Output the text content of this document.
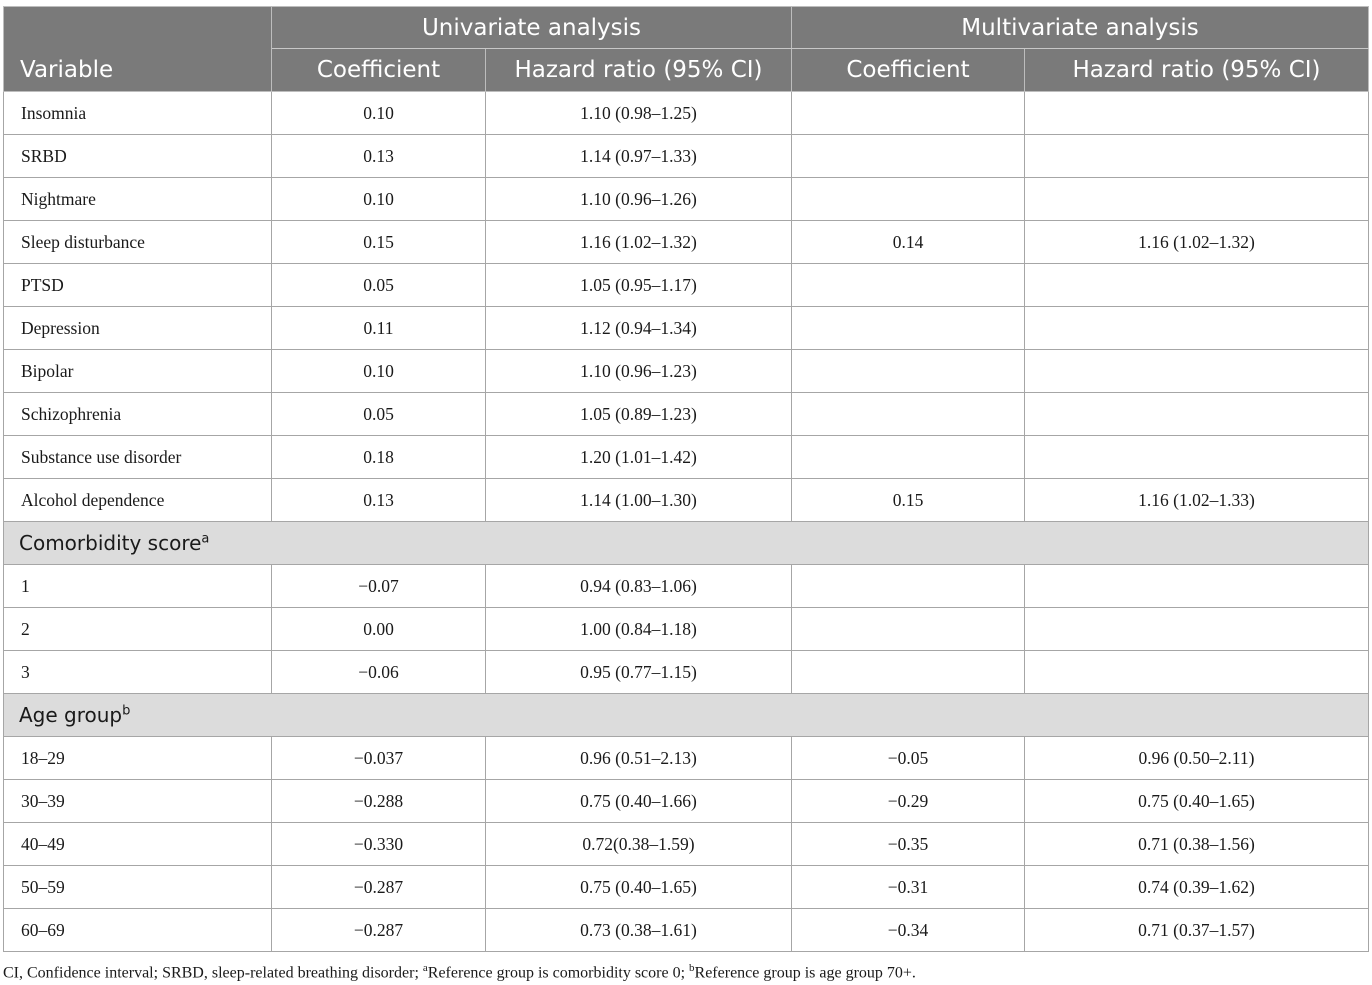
Variable	Univariate analysis		Multivariate analysis	
	Coefficient	Hazard ratio (95% CI)	Coefficient	Hazard ratio (95% CI)
Insomnia	0.10	1.10 (0.98–1.25)		
SRBD	0.13	1.14 (0.97–1.33)		
Nightmare	0.10	1.10 (0.96–1.26)		
Sleep disturbance	0.15	1.16 (1.02–1.32)	0.14	1.16 (1.02–1.32)
PTSD	0.05	1.05 (0.95–1.17)		
Depression	0.11	1.12 (0.94–1.34)		
Bipolar	0.10	1.10 (0.96–1.23)		
Schizophrenia	0.05	1.05 (0.89–1.23)		
Substance use disorder	0.18	1.20 (1.01–1.42)		
Alcohol dependence	0.13	1.14 (1.00–1.30)	0.15	1.16 (1.02–1.33)
Comorbidity score$^a$
1	−0.07	0.94 (0.83–1.06)		
2	0.00	1.00 (0.84–1.18)		
3	−0.06	0.95 (0.77–1.15)		
Age group$^b$
18–29	−0.037	0.96 (0.51–2.13)	−0.05	0.96 (0.50–2.11)
30–39	−0.288	0.75 (0.40–1.66)	−0.29	0.75 (0.40–1.65)
40–49	−0.330	0.72(0.38–1.59)	−0.35	0.71 (0.38–1.56)
50–59	−0.287	0.75 (0.40–1.65)	−0.31	0.74 (0.39–1.62)
60–69	−0.287	0.73 (0.38–1.61)	−0.34	0.71 (0.37–1.57)
CI, Confidence interval; SRBD, sleep-related breathing disorder; $^a$Reference group is comorbidity score 0; $^b$Reference group is age group 70+.
